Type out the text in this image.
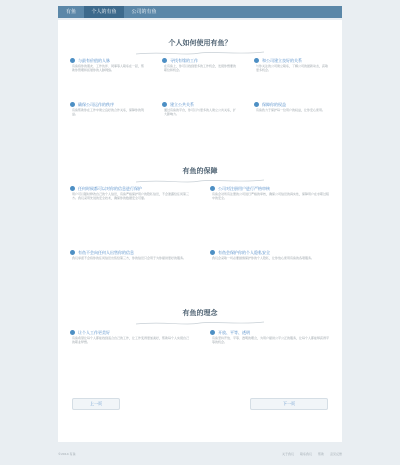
有鱼	个人的有鱼	公司的有鱼
个人如何使用有鱼？
与最有价值的人脉
有鱼将你的朋友、工作伙伴、同事等人联系在一起，帮助你管理和拓展你的人脉网络。
寻找有缘的工作
在有鱼上，你可以找到更多的工作机会，发现你想要的职位和机会。
和公司建立良好的关系
与你关注的公司建立联系，了解公司的最新动态，获取更多机会。
确保公司运作的秩序
有鱼帮助你在工作中建立良好的合作关系，保障你的利益。
建立公共关系
通过有鱼的平台，你可以与更多的人建立公共关系，扩大影响力。
保障你的权益
有鱼致力于保护每一位用户的权益，让你安心使用。
有鱼的保障
任何时候都可以对你的信息进行保护
用户可以随时修改自己的个人信息，有鱼严格保护用户的隐私信息，不会泄露给任何第三方。我们采用先进的安全技术，确保你的数据安全可靠。
公司对注册用户进行严格审核
有鱼会对所有注册的公司进行严格的审核，确保公司信息的真实性，保障用户在求职过程中的安全。
有鱼不会向任何人出售你的信息
我们承诺不会将你的任何信息出售给第三方，你的信息只会用于为你提供更好的服务。
有鱼会保护你的个人隐私安全
我们会采取一切必要措施保护你的个人隐私，让你放心使用有鱼的各项服务。
有鱼的理念
让个人工作更美好
有鱼希望让每个人都能找到适合自己的工作，让工作变得更加美好，帮助每个人实现自己的职业梦想。
开放、平等、透明
有鱼坚持开放、平等、透明的理念，为用户提供公平公正的服务，让每个人都能够获得平等的机会。
上一页	下一页
©2014 有鱼	关于我们 联系我们 帮助 意见反馈
